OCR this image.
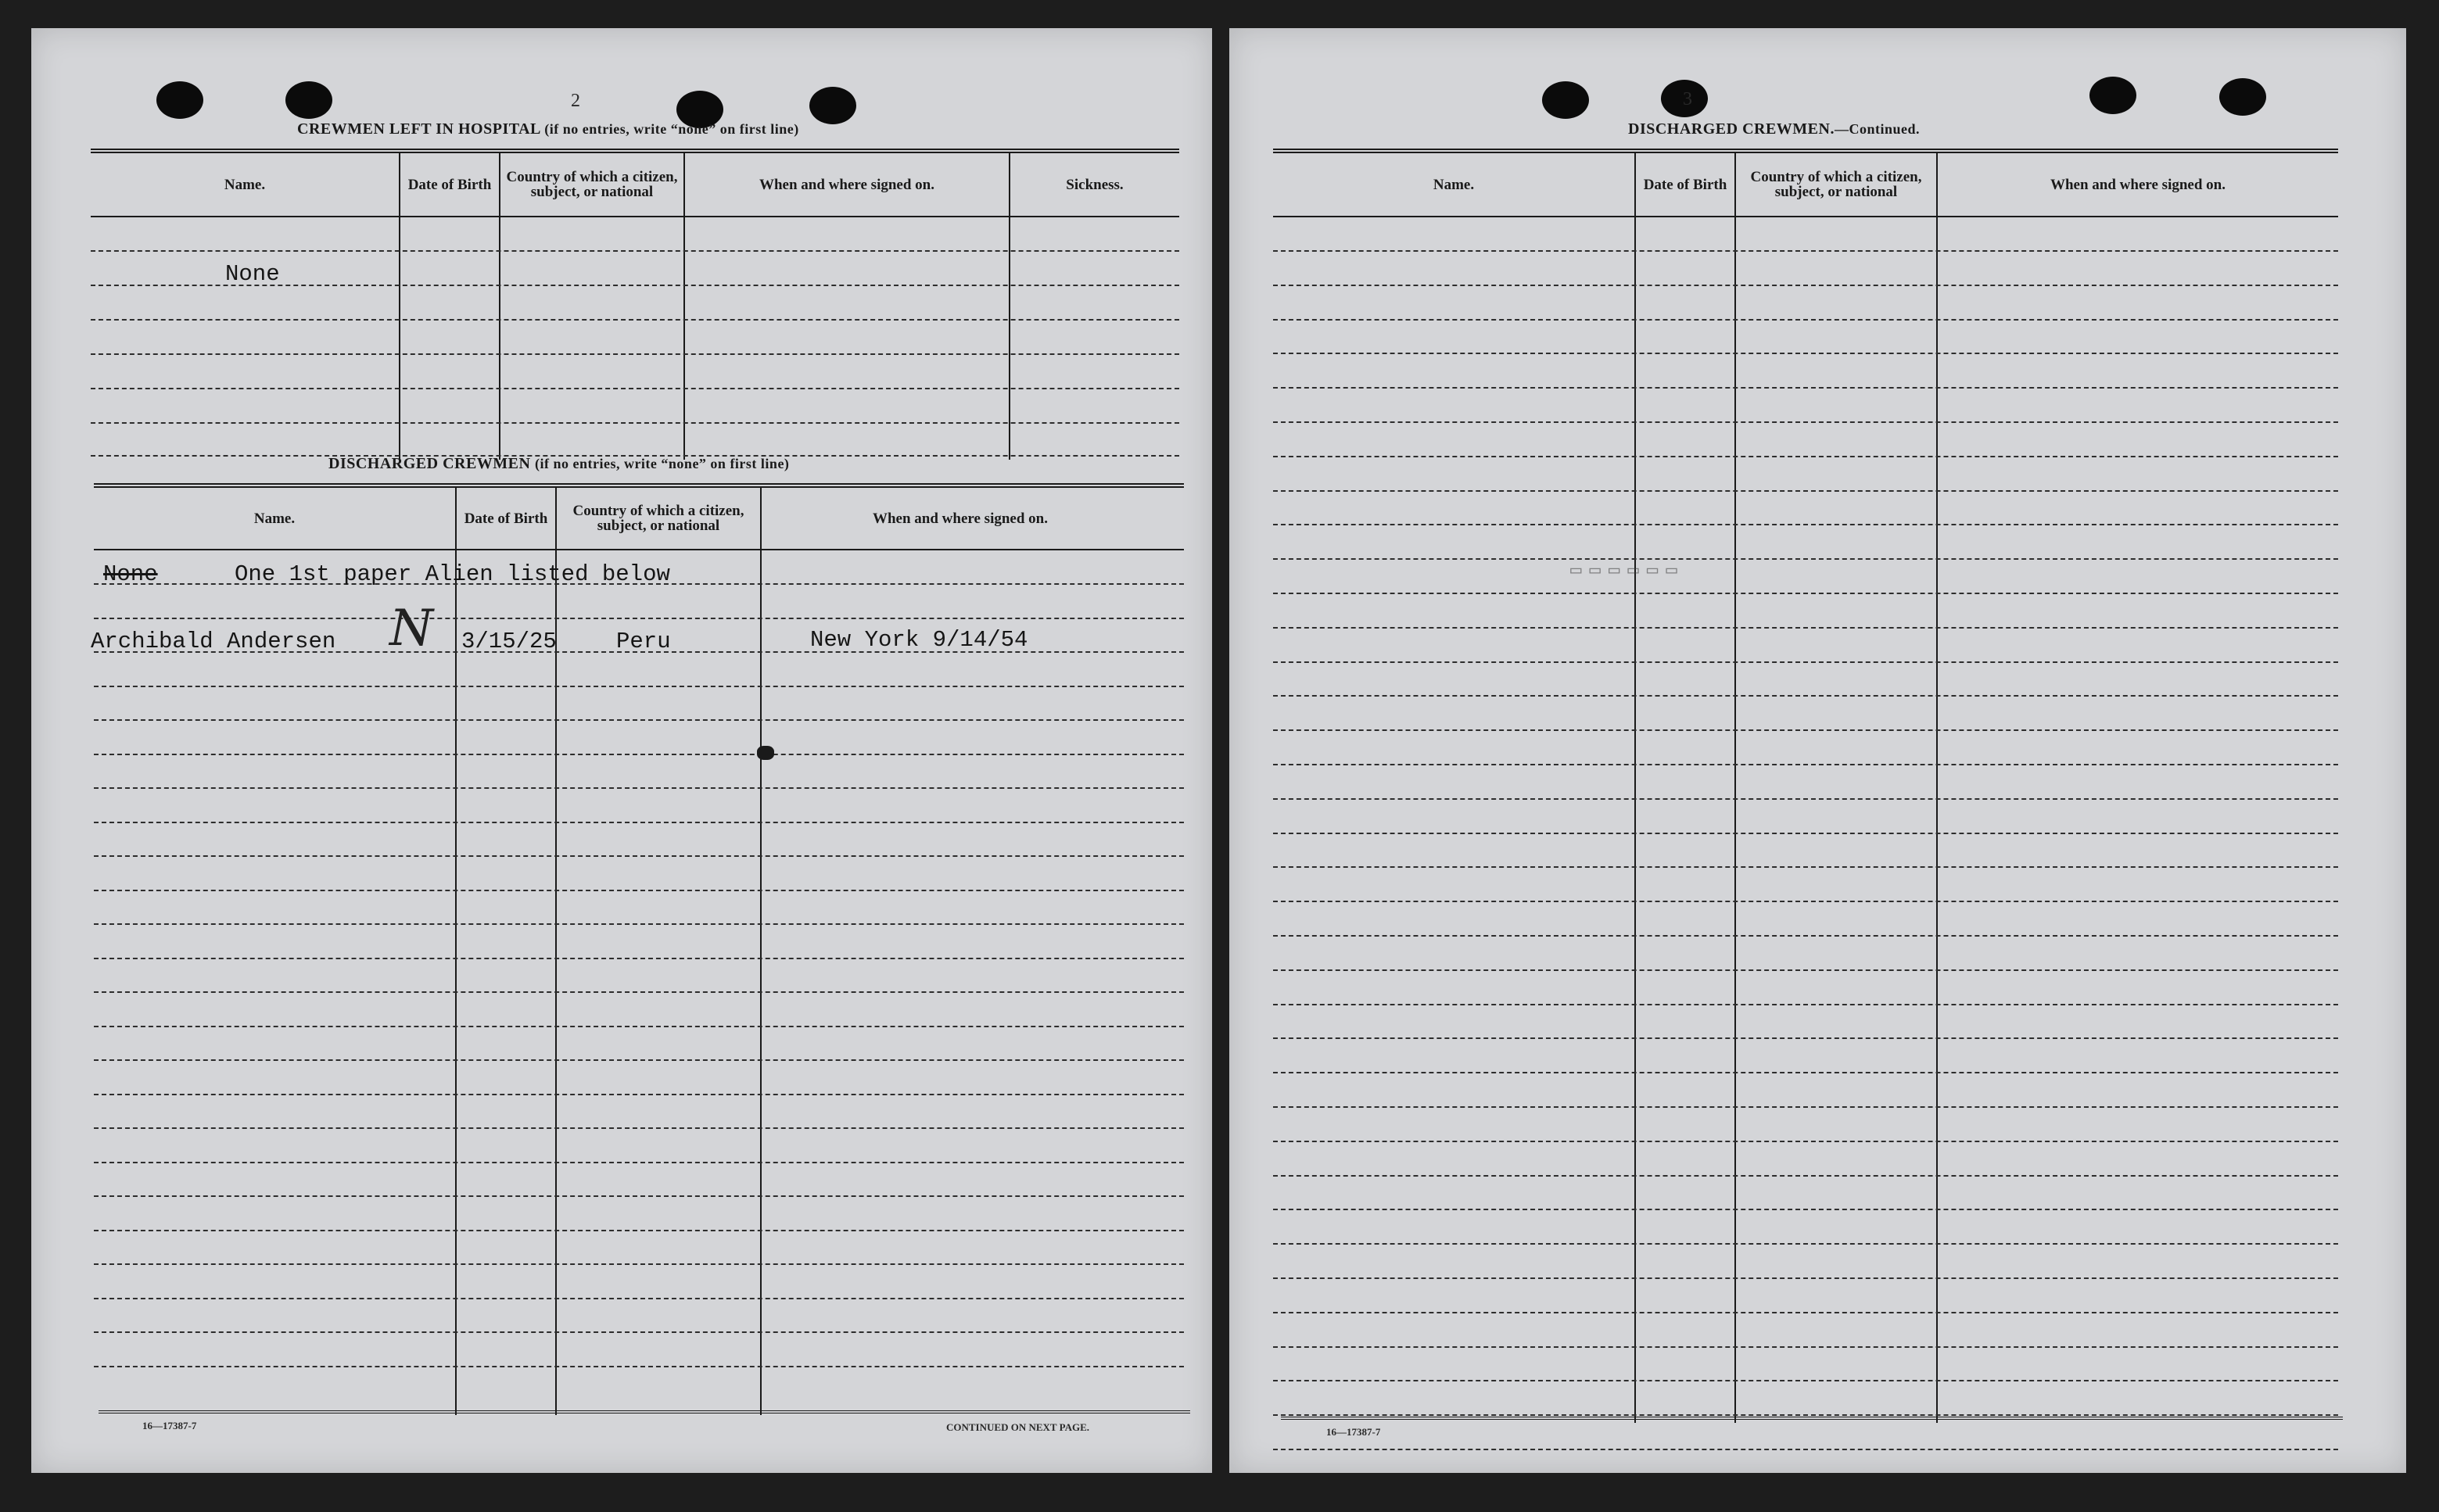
2
CREWMEN LEFT IN HOSPITAL (if no entries, write “none” on first line)
Name.	Date of Birth	Country of which a citizen, subject, or national	When and where signed on.	Sickness.
None
DISCHARGED CREWMEN (if no entries, write “none” on first line)
Name.	Date of Birth	Country of which a citizen, subject, or national	When and where signed on.
None	One 1st paper Alien listed below
Archibald Andersen N 3/15/25	Peru	New York 9/14/54
16—17387-7	CONTINUED ON NEXT PAGE.
3
DISCHARGED CREWMEN.—Continued.
Name.	Date of Birth	Country of which a citizen, subject, or national	When and where signed on.
▭▭▭▭▭▭
16—17387-7
